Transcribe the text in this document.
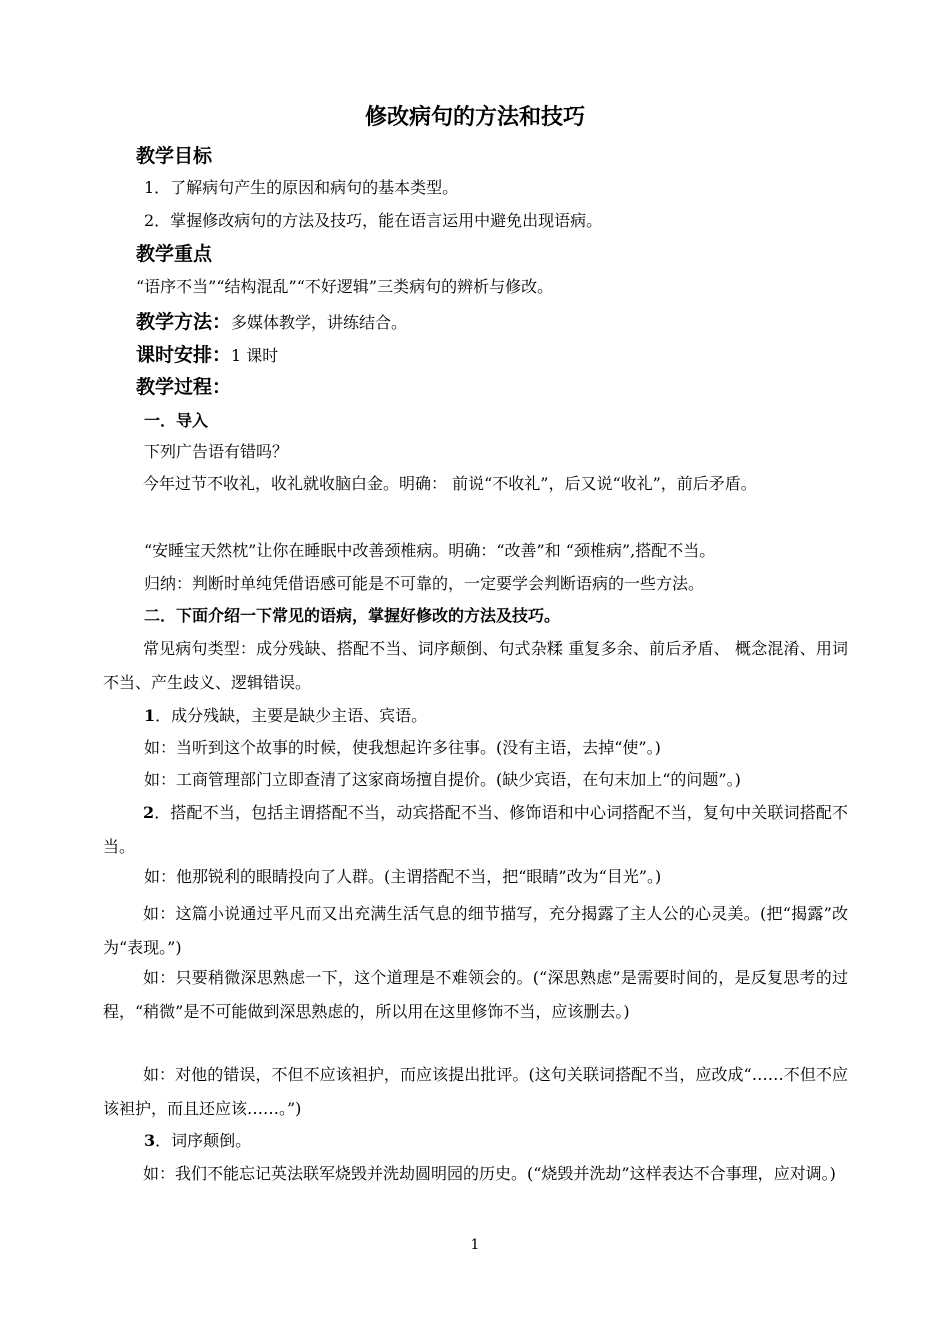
修改病句的方法和技巧
教学目标
1．了解病句产生的原因和病句的基本类型。
2．掌握修改病句的方法及技巧，能在语言运用中避免出现语病。
教学重点
“语序不当”“结构混乱”“不好逻辑”三类病句的辨析与修改。
教学方法：多媒体教学，讲练结合。
课时安排：1 课时
教学过程：
一．导入
下列广告语有错吗？
今年过节不收礼，收礼就收脑白金。明确： 前说“不收礼”，后又说“收礼”，前后矛盾。
“安睡宝天然枕”让你在睡眠中改善颈椎病。明确：“改善”和 “颈椎病”,搭配不当。
归纳：判断时单纯凭借语感可能是不可靠的，一定要学会判断语病的一些方法。
二．下面介绍一下常见的语病，掌握好修改的方法及技巧。
常见病句类型：成分残缺、搭配不当、词序颠倒、句式杂糅 重复多余、前后矛盾、 概念混淆、用词不当、产生歧义、逻辑错误。
1．成分残缺，主要是缺少主语、宾语。
如：当听到这个故事的时候，使我想起许多往事。(没有主语，去掉“使”。)
如：工商管理部门立即查清了这家商场擅自提价。(缺少宾语，在句末加上“的问题”。)
2．搭配不当，包括主谓搭配不当，动宾搭配不当、修饰语和中心词搭配不当，复句中关联词搭配不当。
如：他那锐利的眼睛投向了人群。(主谓搭配不当，把“眼睛”改为“目光”。)
如：这篇小说通过平凡而又出充满生活气息的细节描写，充分揭露了主人公的心灵美。(把“揭露”改为“表现。”)
如：只要稍微深思熟虑一下，这个道理是不难领会的。(“深思熟虑”是需要时间的，是反复思考的过程，“稍微”是不可能做到深思熟虑的，所以用在这里修饰不当，应该删去。)
如：对他的错误，不但不应该袒护，而应该提出批评。(这句关联词搭配不当，应改成“……不但不应该袒护，而且还应该……。”)
3．词序颠倒。
如：我们不能忘记英法联军烧毁并洗劫圆明园的历史。(“烧毁并洗劫”这样表达不合事理，应对调。)
1
